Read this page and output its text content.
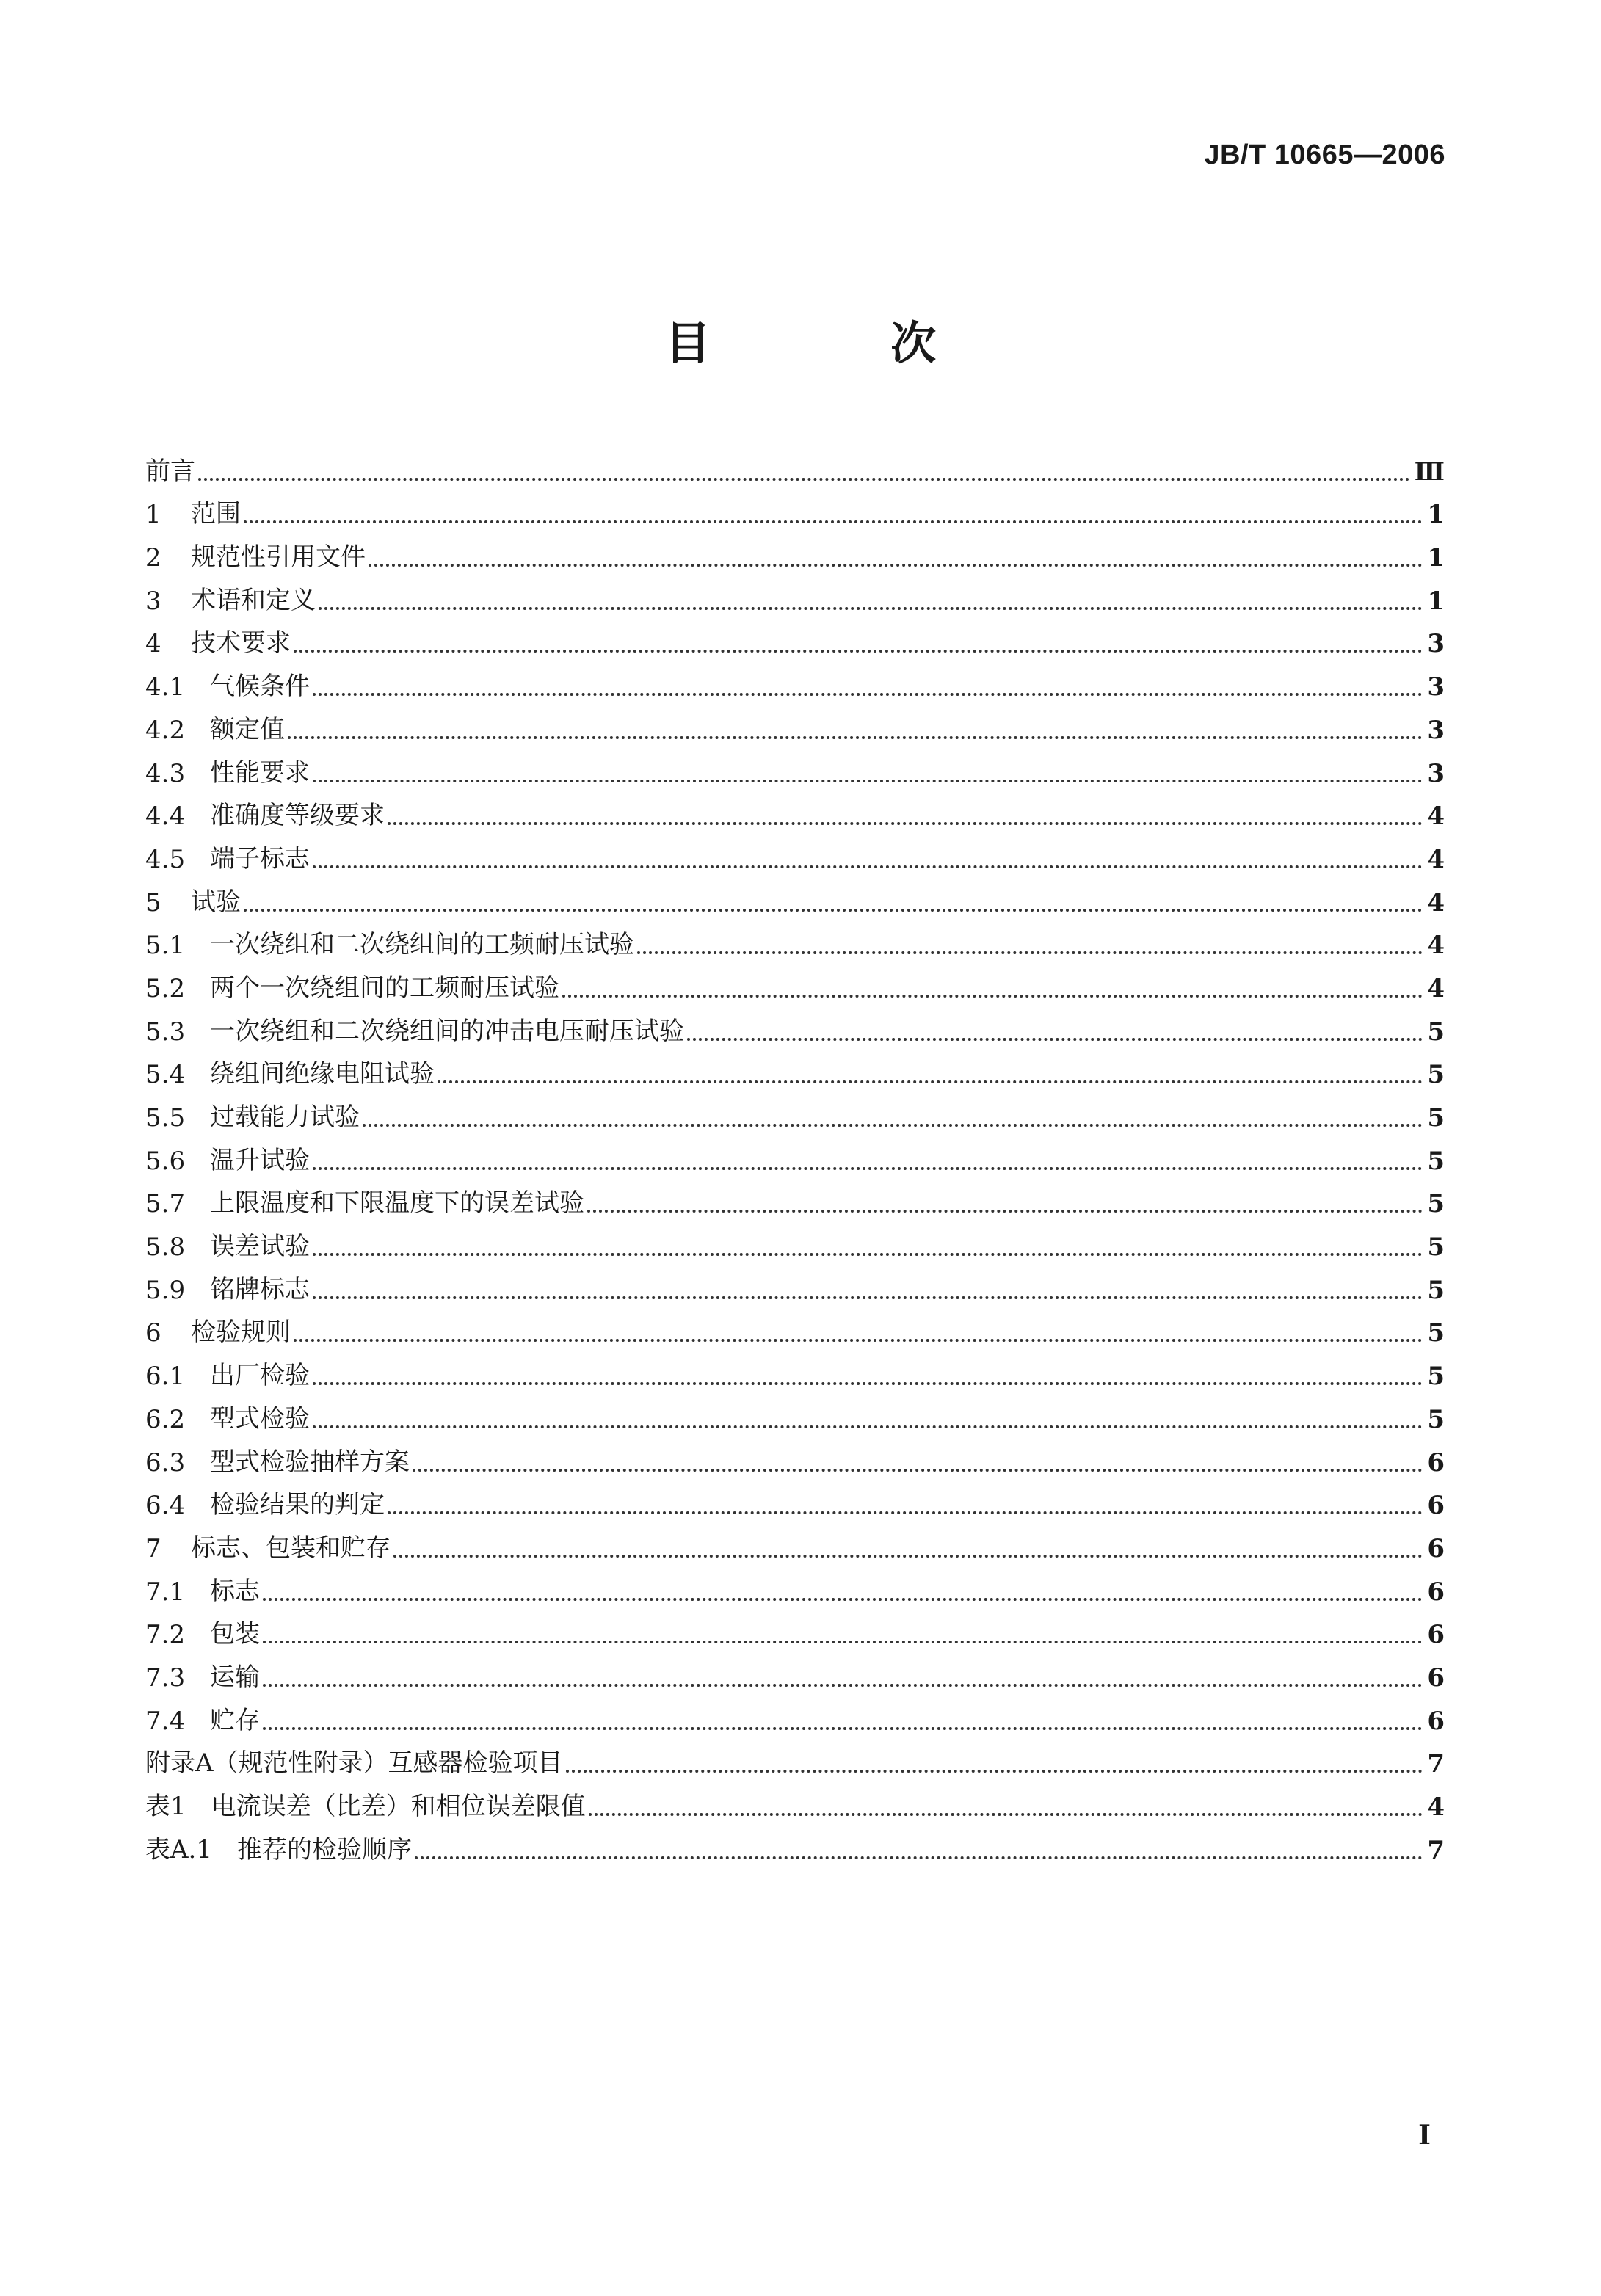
JB/T 10665—2006
目 次
前言	Ⅲ
1	范围	1
2	规范性引用文件	1
3	术语和定义	1
4	技术要求	3
4.1 气候条件	3
4.2 额定值	3
4.3 性能要求	3
4.4 准确度等级要求	4
4.5 端子标志	4
5	试验	4
5.1 一次绕组和二次绕组间的工频耐压试验	4
5.2 两个一次绕组间的工频耐压试验	4
5.3 一次绕组和二次绕组间的冲击电压耐压试验	5
5.4 绕组间绝缘电阻试验	5
5.5 过载能力试验	5
5.6 温升试验	5
5.7 上限温度和下限温度下的误差试验	5
5.8 误差试验	5
5.9 铭牌标志	5
6	检验规则	5
6.1 出厂检验	5
6.2 型式检验	5
6.3 型式检验抽样方案	6
6.4 检验结果的判定	6
7	标志、包装和贮存	6
7.1 标志	6
7.2 包装	6
7.3 运输	6
7.4 贮存	6
附录A（规范性附录）互感器检验项目	7
表1　电流误差（比差）和相位误差限值	4
表A.1　推荐的检验顺序	7
I
